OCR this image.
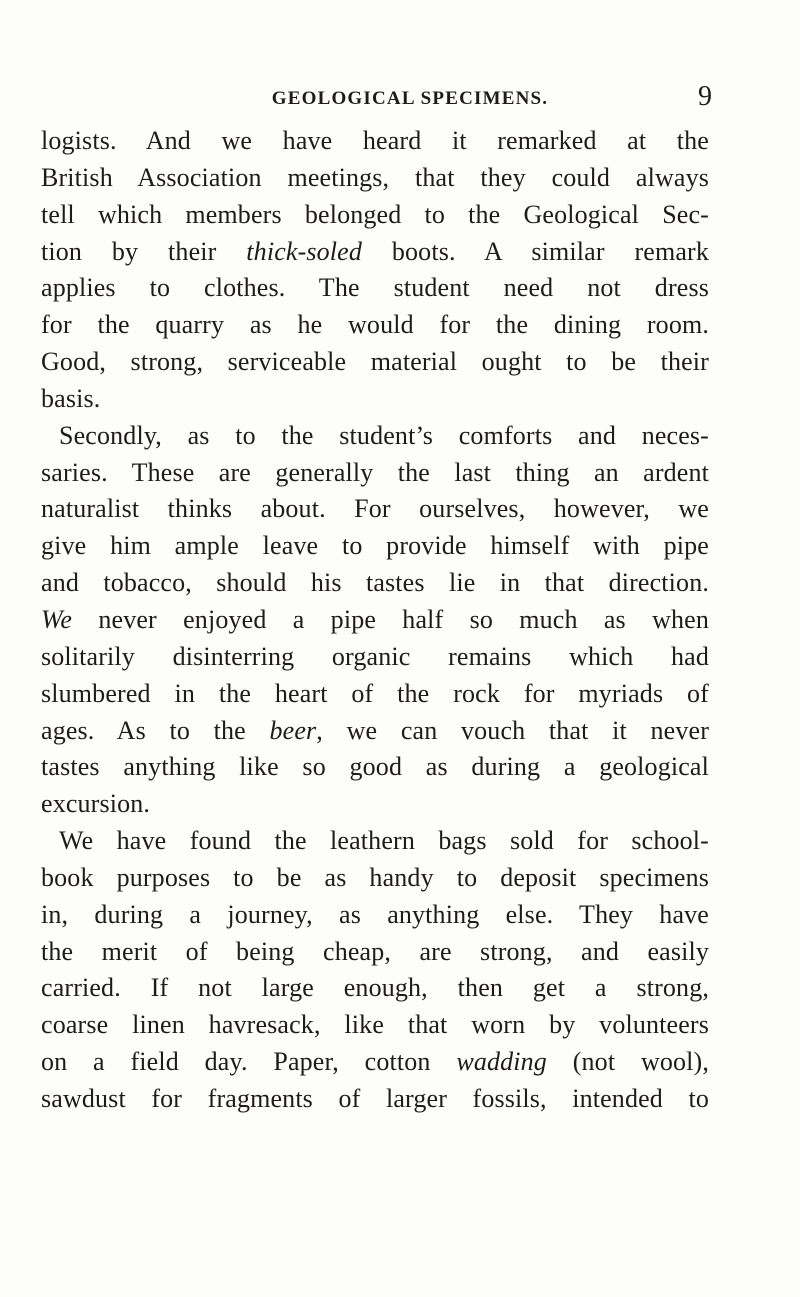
GEOLOGICAL SPECIMENS.	9
logists. And we have heard it remarked at the
British Association meetings, that they could always
tell which members belonged to the Geological Sec-
tion by their thick-soled boots. A similar remark
applies to clothes. The student need not dress
for the quarry as he would for the dining room.
Good, strong, serviceable material ought to be their
basis.
Secondly, as to the student’s comforts and neces-
saries. These are generally the last thing an ardent
naturalist thinks about. For ourselves, however, we
give him ample leave to provide himself with pipe
and tobacco, should his tastes lie in that direction.
We never enjoyed a pipe half so much as when
solitarily disinterring organic remains which had
slumbered in the heart of the rock for myriads of
ages. As to the beer, we can vouch that it never
tastes anything like so good as during a geological
excursion.
We have found the leathern bags sold for school-
book purposes to be as handy to deposit specimens
in, during a journey, as anything else. They have
the merit of being cheap, are strong, and easily
carried. If not large enough, then get a strong,
coarse linen havresack, like that worn by volunteers
on a field day. Paper, cotton wadding (not wool),
sawdust for fragments of larger fossils, intended to
